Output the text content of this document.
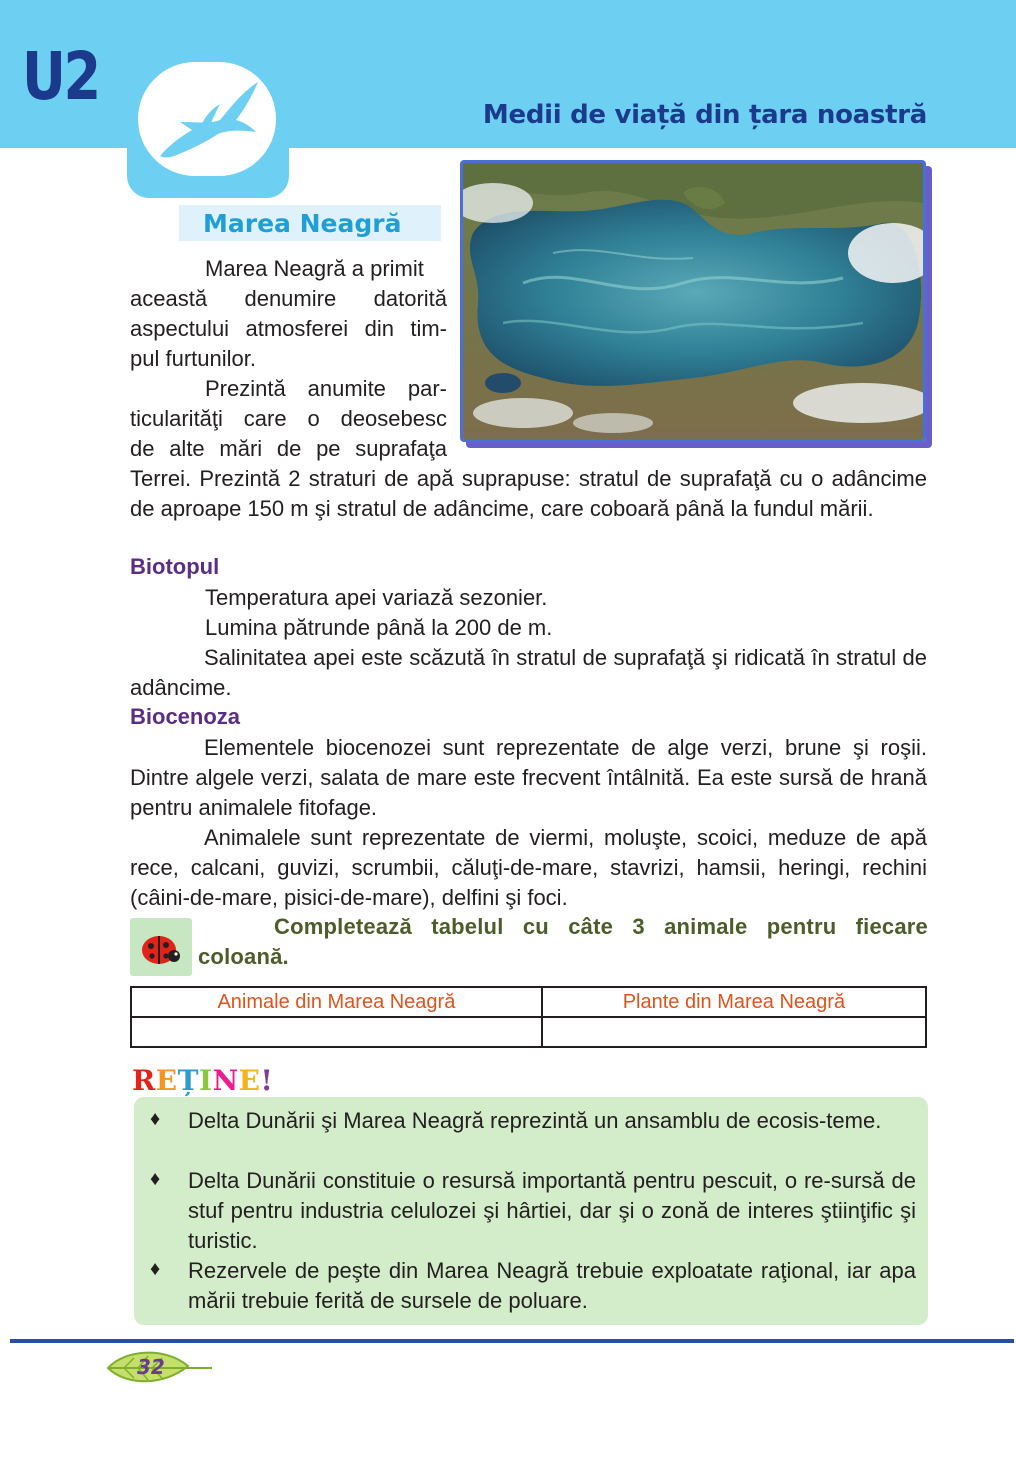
U2	Medii de viață din țara noastră
Marea Neagră
Marea Neagră a primit
această denumire datorită
aspectului atmosferei din tim-
pul furtunilor.
Prezintă anumite par-
ticularităţi care o deosebesc
de alte mări de pe suprafaţa
Terrei. Prezintă 2 straturi de apă suprapuse: stratul de suprafaţă cu o adâncime de aproape 150 m şi stratul de adâncime, care coboară până la fundul mării.
Biotopul
Temperatura apei variază sezonier.
Lumina pătrunde până la 200 de m.
Salinitatea apei este scăzută în stratul de suprafaţă şi ridicată în stratul de adâncime.
Biocenoza
Elementele biocenozei sunt reprezentate de alge verzi, brune şi roşii. Dintre algele verzi, salata de mare este frecvent întâlnită. Ea este sursă de hrană pentru animalele fitofage.
Animalele sunt reprezentate de viermi, moluşte, scoici, meduze de apă rece, calcani, guvizi, scrumbii, căluţi-de-mare, stavrizi, hamsii, heringi, rechini (câini-de-mare, pisici-de-mare), delfini şi foci.
Completează tabelul cu câte 3 animale pentru fiecare coloană.
Animale din Marea Neagră	Plante din Marea Neagră

REȚINE!
♦ Delta Dunării şi Marea Neagră reprezintă un ansamblu de ecosis-teme.
♦ Delta Dunării constituie o resursă importantă pentru pescuit, o re-sursă de stuf pentru industria celulozei şi hârtiei, dar şi o zonă de interes ştiinţific şi turistic.
♦ Rezervele de peşte din Marea Neagră trebuie exploatate raţional, iar apa mării trebuie ferită de sursele de poluare.
32
